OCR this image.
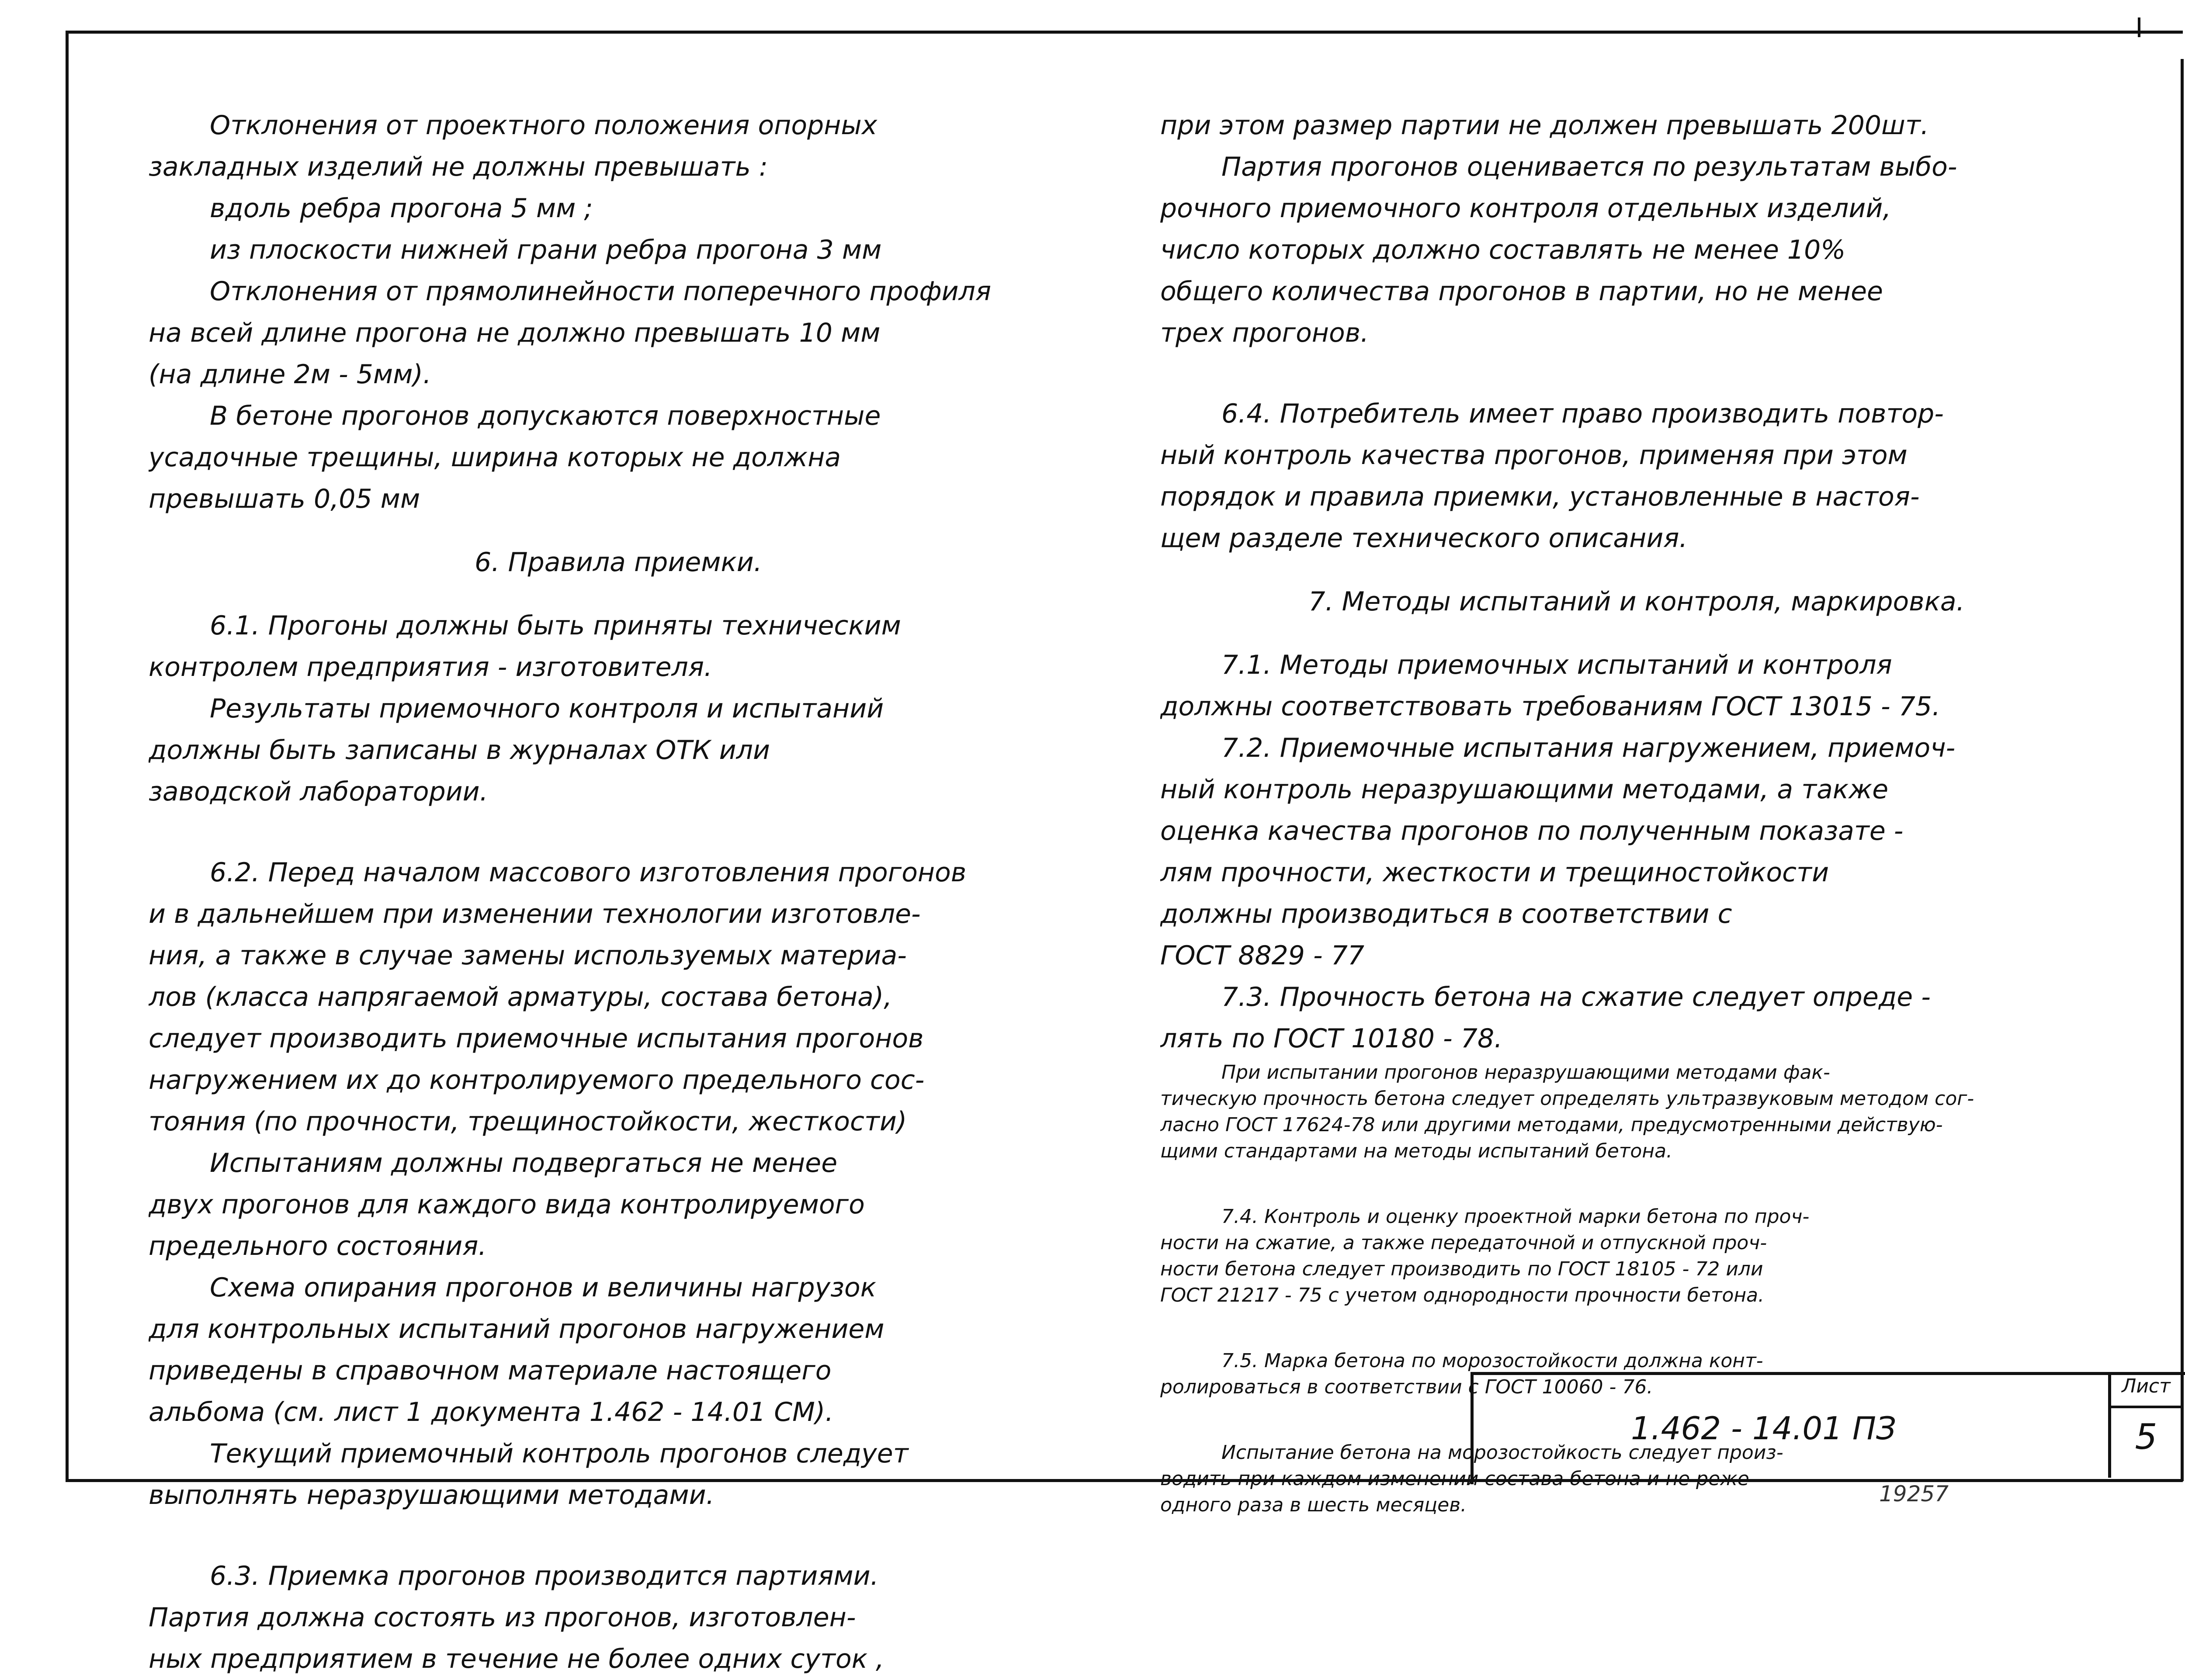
Отклонения от проектного положения опорных

закладных изделий не должны превышать :

вдоль ребра прогона 5 мм ;

из плоскости нижней грани ребра прогона 3 мм

Отклонения от прямолинейности поперечного профиля

на всей длине прогона не должно превышать 10 мм

(на длине 2м - 5мм).

В бетоне прогонов допускаются поверхностные

усадочные трещины, ширина которых не должна

превышать 0,05 мм

6. Правила приемки.

6.1. Прогоны должны быть приняты техническим

контролем предприятия - изготовителя.

Результаты приемочного контроля и испытаний

должны быть записаны в журналах ОТК или

заводской лаборатории.

6.2. Перед началом массового изготовления прогонов

и в дальнейшем при изменении технологии изготовле-

ния, а также в случае замены используемых материа-

лов (класса напрягаемой арматуры, состава бетона),

следует производить приемочные испытания прогонов

нагружением их до контролируемого предельного сос-

тояния (по прочности, трещиностойкости, жесткости)

Испытаниям должны подвергаться не менее

двух прогонов для каждого вида контролируемого

предельного состояния.

Схема опирания прогонов и величины нагрузок

для контрольных испытаний прогонов нагружением

приведены в справочном материале настоящего

альбома (см. лист 1 документа 1.462 - 14.01 СМ).

Текущий приемочный контроль прогонов следует

выполнять неразрушающими методами.

6.3. Приемка прогонов производится партиями.

Партия должна состоять из прогонов, изготовлен-

ных предприятием в течение не более одних суток ,

при этом размер партии не должен превышать 200шт.

Партия прогонов оценивается по результатам выбо-

рочного приемочного контроля отдельных изделий,

число которых должно составлять не менее 10%

общего количества прогонов в партии, но не менее

трех прогонов.

6.4. Потребитель имеет право производить повтор-

ный контроль качества прогонов, применяя при этом

порядок и правила приемки, установленные в настоя-

щем разделе технического описания.

7. Методы испытаний и контроля, маркировка.

7.1. Методы приемочных испытаний и контроля

должны соответствовать требованиям ГОСТ 13015 - 75.

7.2. Приемочные испытания нагружением, приемоч-

ный контроль неразрушающими методами, а также

оценка качества прогонов по полученным показате -

лям прочности, жесткости и трещиностойкости

должны производиться в соответствии с

ГОСТ 8829 - 77

7.3. Прочность бетона на сжатие следует опреде -

лять по ГОСТ 10180 - 78.

При испытании прогонов неразрушающими методами фак-

тическую прочность бетона следует определять ультразвуковым методом сог-

ласно ГОСТ 17624-78 или другими методами, предусмотренными действую-

щими стандартами на методы испытаний бетона.

7.4. Контроль и оценку проектной марки бетона по проч-

ности на сжатие, а также передаточной и отпускной проч-

ности бетона следует производить по ГОСТ 18105 - 72 или

ГОСТ 21217 - 75 с учетом однородности прочности бетона.

7.5. Марка бетона по морозостойкости должна конт-

ролироваться в соответствии с ГОСТ 10060 - 76.

Испытание бетона на морозостойкость следует произ-

водить при каждом изменении состава бетона и не реже

одного раза в шесть месяцев.

1.462 - 14.01 ПЗ
Лист
5
19257
